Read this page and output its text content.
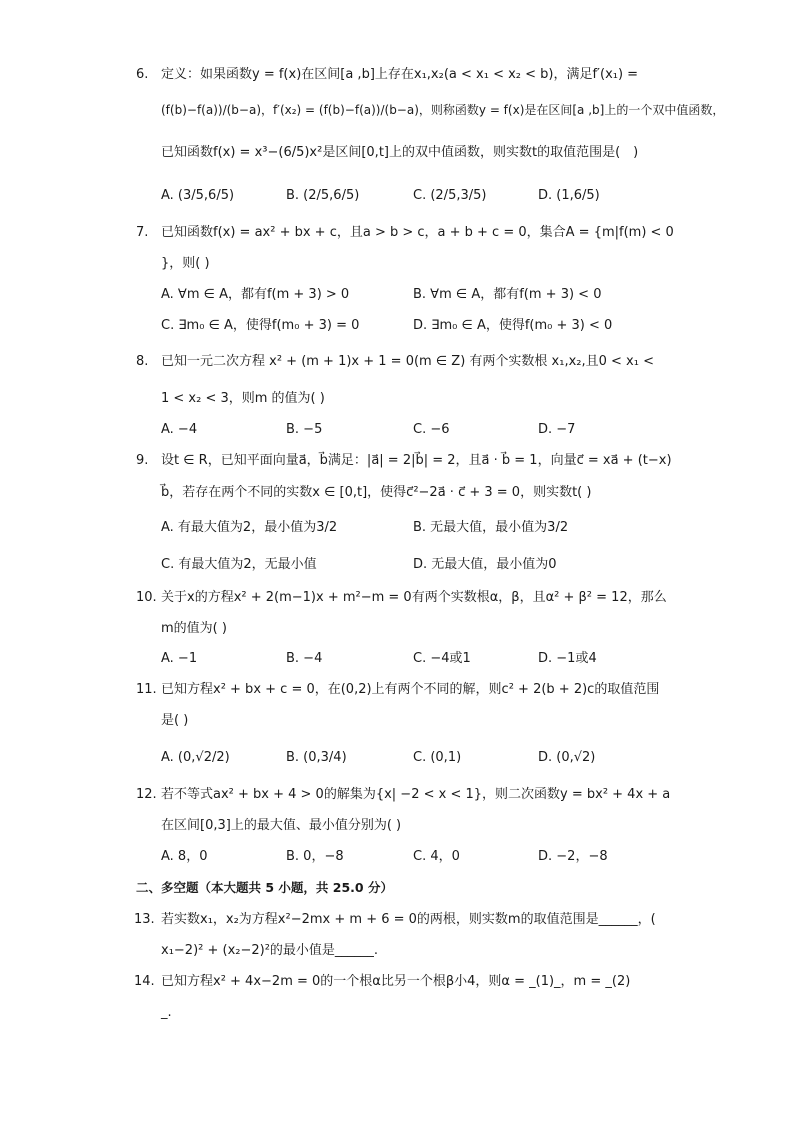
6. 定义：如果函数y = f(x)在区间[a ,b]上存在x₁,x₂(a < x₁ < x₂ < b)，满足f′(x₁) =
(f(b)−f(a))/(b−a)，f′(x₂) = (f(b)−f(a))/(b−a)，则称函数y = f(x)是在区间[a ,b]上的一个双中值函数，
已知函数f(x) = x³−(6/5)x²是区间[0,t]上的双中值函数，则实数t的取值范围是(　)
A. (3/5,6/5)	B. (2/5,6/5)	C. (2/5,3/5)	D. (1,6/5)
7. 已知函数f(x) = ax² + bx + c，且a > b > c，a + b + c = 0，集合A = {m|f(m) < 0
}，则( )
A. ∀m ∈ A，都有f(m + 3) > 0	B. ∀m ∈ A，都有f(m + 3) < 0
C. ∃m₀ ∈ A，使得f(m₀ + 3) = 0	D. ∃m₀ ∈ A，使得f(m₀ + 3) < 0
8. 已知一元二次方程 x² + (m + 1)x + 1 = 0(m ∈ Z) 有两个实数根 x₁,x₂,且0 < x₁ <
1 < x₂ < 3，则m 的值为( )
A. −4	B. −5	C. −6	D. −7
9. 设t ∈ R，已知平面向量a⃗，b⃗满足：|a⃗| = 2|b⃗| = 2，且a⃗ · b⃗ = 1，向量c⃗ = xa⃗ + (t−x)
b⃗，若存在两个不同的实数x ∈ [0,t]，使得c⃗²−2a⃗ · c⃗ + 3 = 0，则实数t( )
A. 有最大值为2，最小值为3/2	B. 无最大值，最小值为3/2
C. 有最大值为2，无最小值	D. 无最大值，最小值为0
10. 关于x的方程x² + 2(m−1)x + m²−m = 0有两个实数根α，β，且α² + β² = 12，那么
m的值为( )
A. −1	B. −4	C. −4或1	D. −1或4
11. 已知方程x² + bx + c = 0，在(0,2)上有两个不同的解，则c² + 2(b + 2)c的取值范围
是( )
A. (0,√2/2)	B. (0,3/4)	C. (0,1)	D. (0,√2)
12. 若不等式ax² + bx + 4 > 0的解集为{x| −2 < x < 1}，则二次函数y = bx² + 4x + a
在区间[0,3]上的最大值、最小值分别为( )
A. 8，0	B. 0，−8	C. 4，0	D. −2，−8
二、多空题（本大题共 5 小题，共 25.0 分）
13. 若实数x₁，x₂为方程x²−2mx + m + 6 = 0的两根，则实数m的取值范围是______，(
x₁−2)² + (x₂−2)²的最小值是______.
14. 已知方程x² + 4x−2m = 0的一个根α比另一个根β小4，则α = _(1)_，m = _(2)
_.
